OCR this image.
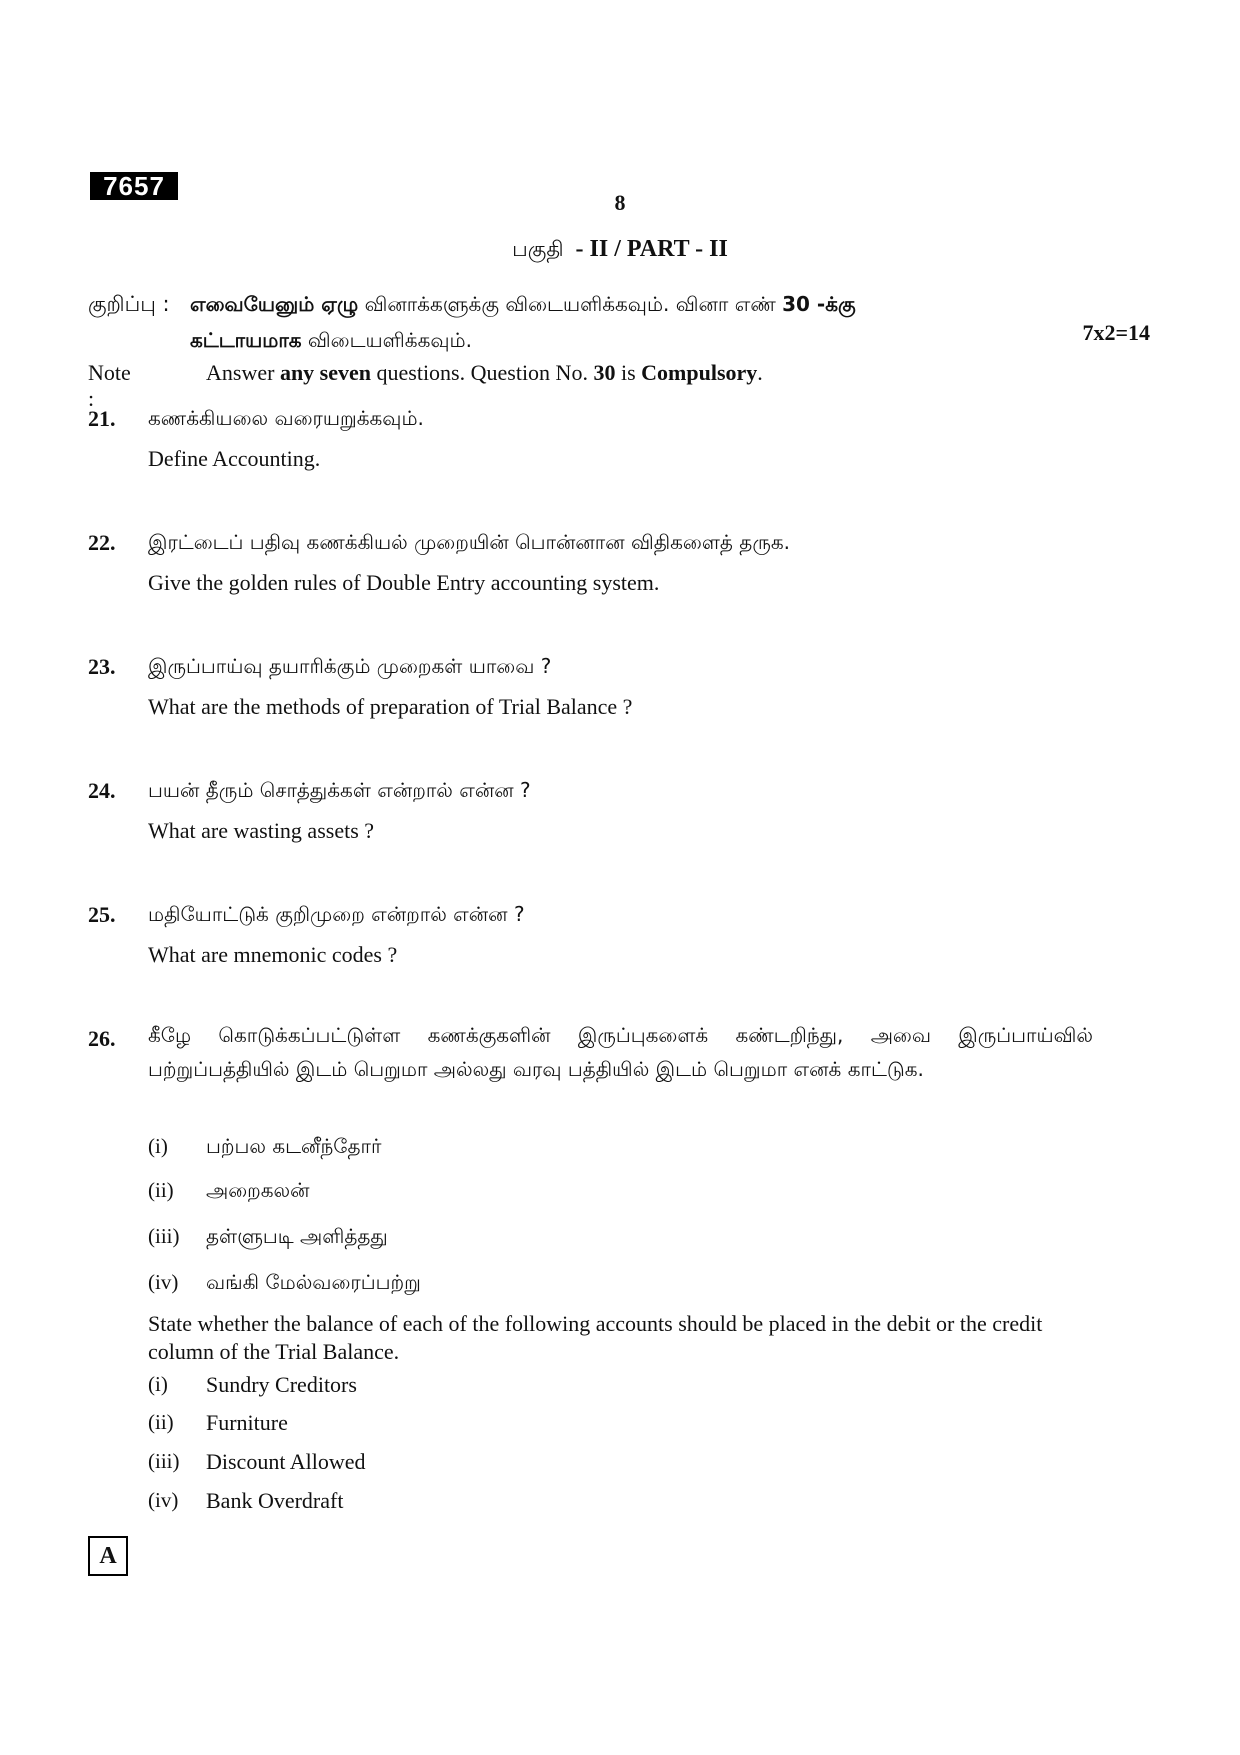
7657
8
பகுதி - II / PART - II
குறிப்பு : எவையேனும் ஏழு வினாக்களுக்கு விடையளிக்கவும். வினா எண் 30 -க்கு
கட்டாயமாக விடையளிக்கவும்.	7x2=14
Note :
Answer any seven questions. Question No. 30 is Compulsory.
21. கணக்கியலை வரையறுக்கவும்.
Define Accounting.
22. இரட்டைப் பதிவு கணக்கியல் முறையின் பொன்னான விதிகளைத் தருக.
Give the golden rules of Double Entry accounting system.
23. இருப்பாய்வு தயாரிக்கும் முறைகள் யாவை ?
What are the methods of preparation of Trial Balance ?
24. பயன் தீரும் சொத்துக்கள் என்றால் என்ன ?
What are wasting assets ?
25. மதியோட்டுக் குறிமுறை என்றால் என்ன ?
What are mnemonic codes ?
26. கீழே கொடுக்கப்பட்டுள்ள கணக்குகளின் இருப்புகளைக் கண்டறிந்து, அவை இருப்பாய்வில் பற்றுப்பத்தியில் இடம் பெறுமா அல்லது வரவு பத்தியில் இடம் பெறுமா எனக் காட்டுக.
(i) பற்பல கடனீந்தோர்
(ii) அறைகலன்
(iii) தள்ளுபடி அளித்தது
(iv) வங்கி மேல்வரைப்பற்று
State whether the balance of each of the following accounts should be placed in the debit or the credit column of the Trial Balance.
(i) Sundry Creditors
(ii) Furniture
(iii) Discount Allowed
(iv) Bank Overdraft
A
